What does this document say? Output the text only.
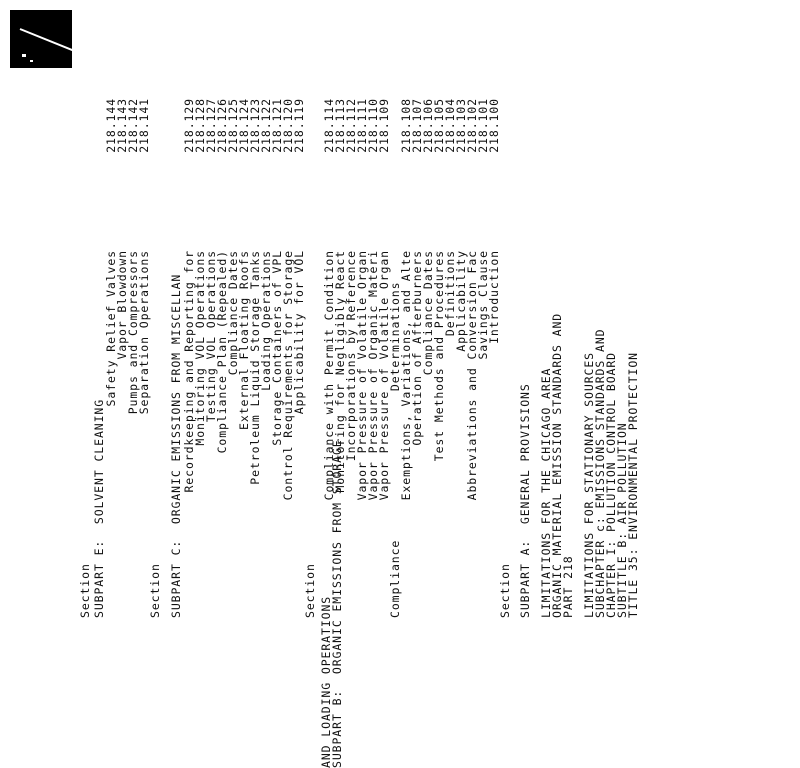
TITLE 35: ENVIRONMENTAL PROTECTION
SUBTITLE B: AIR POLLUTION
CHAPTER I: POLLUTION CONTROL BOARD
SUBCHAPTER c: EMISSIONS STANDARDS AND
LIMITATIONS FOR STATIONARY SOURCES
PART 218
ORGANIC MATERIAL EMISSION STANDARDS AND
LIMITATIONS FOR THE CHICAGO AREA
SUBPART A:  GENERAL PROVISIONS
Section
218.100
Introduction
218.101
Savings Clause
218.102
Abbreviations and Conversion Fac
218.103
Applicability
218.104
Definitions
218.105
Test Methods and Procedures
218.106
Compliance Dates
218.107
Operation of Afterburners
218.108
Exemptions, Variations, and Alte
Compliance                   Determinations
218.109
Vapor Pressure of Volatile Organ
218.110
Vapor Pressure of Organic Materi
218.111
Vapor Pressure of Volatile Organ
218.112
Incorporations by Reference
218.113
Monitoring for Negligibly React
218.114
Compliance with Permit Condition
SUBPART B:  ORGANIC EMISSIONS FROM STORAGE
AND LOADING OPERATIONS
Section
218.119
Applicability for VOL
218.120
Control Requirements for Storage
218.121
Storage Containers of VPL
218.122
Loading Operations
218.123
Petroleum Liquid Storage Tanks
218.124
External Floating Roofs
218.125
Compliance Dates
218.126
Compliance Plan (Repealed)
218.127
Testing VOL Operations
218.128
Monitoring VOL Operations
218.129
Recordkeeping and Reporting for
SUBPART C:  ORGANIC EMISSIONS FROM MISCELLAN
Section
218.141
Separation Operations
218.142
Pumps and Compressors
218.143
Vapor Blowdown
218.144
Safety Relief Valves
SUBPART E:  SOLVENT CLEANING
Section
